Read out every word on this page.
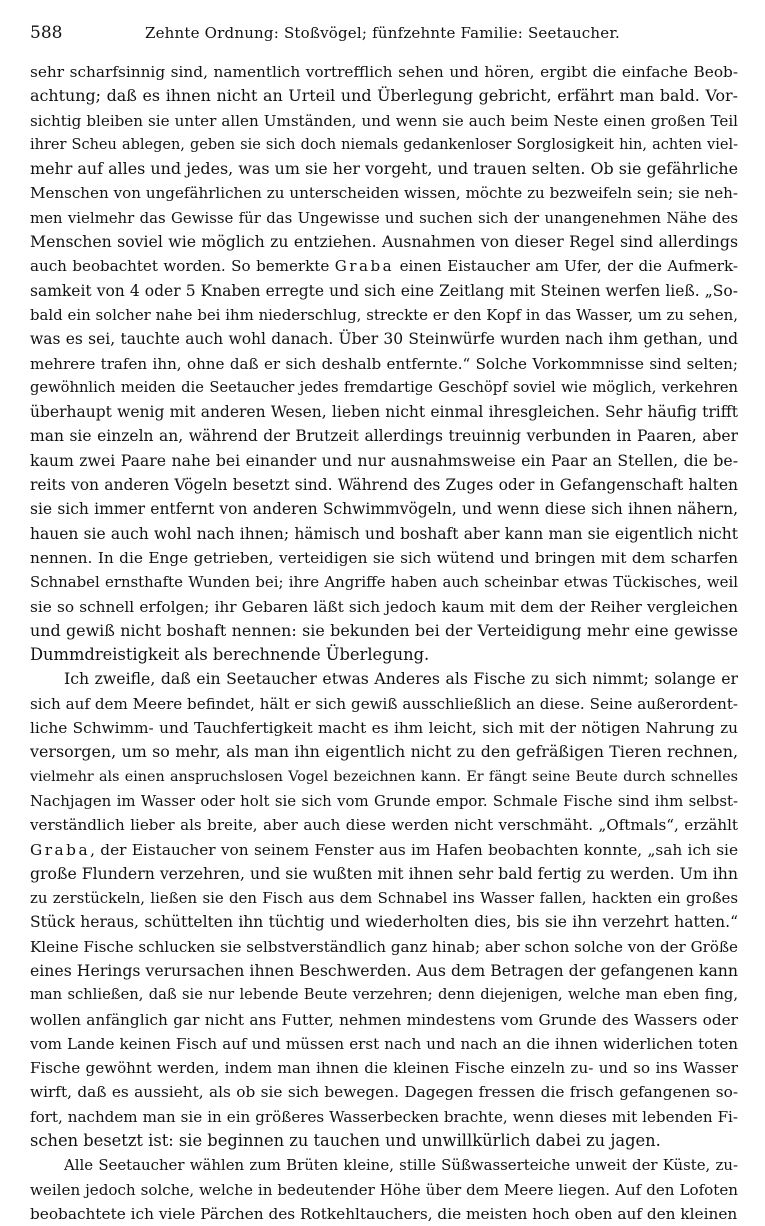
588	Zehnte Ordnung: Stoßvögel; fünfzehnte Familie: Seetaucher.
sehr scharfsinnig sind, namentlich vortrefflich sehen und hören, ergibt die einfache Beob-
achtung; daß es ihnen nicht an Urteil und Überlegung gebricht, erfährt man bald. Vor-
sichtig bleiben sie unter allen Umständen, und wenn sie auch beim Neste einen großen Teil
ihrer Scheu ablegen, geben sie sich doch niemals gedankenloser Sorglosigkeit hin, achten viel-
mehr auf alles und jedes, was um sie her vorgeht, und trauen selten. Ob sie gefährliche
Menschen von ungefährlichen zu unterscheiden wissen, möchte zu bezweifeln sein; sie neh-
men vielmehr das Gewisse für das Ungewisse und suchen sich der unangenehmen Nähe des
Menschen soviel wie möglich zu entziehen. Ausnahmen von dieser Regel sind allerdings
auch beobachtet worden. So bemerkte Graba einen Eistaucher am Ufer, der die Aufmerk-
samkeit von 4 oder 5 Knaben erregte und sich eine Zeitlang mit Steinen werfen ließ. „So-
bald ein solcher nahe bei ihm niederschlug, streckte er den Kopf in das Wasser, um zu sehen,
was es sei, tauchte auch wohl danach. Über 30 Steinwürfe wurden nach ihm gethan, und
mehrere trafen ihn, ohne daß er sich deshalb entfernte.“ Solche Vorkommnisse sind selten;
gewöhnlich meiden die Seetaucher jedes fremdartige Geschöpf soviel wie möglich, verkehren
überhaupt wenig mit anderen Wesen, lieben nicht einmal ihresgleichen. Sehr häufig trifft
man sie einzeln an, während der Brutzeit allerdings treuinnig verbunden in Paaren, aber
kaum zwei Paare nahe bei einander und nur ausnahmsweise ein Paar an Stellen, die be-
reits von anderen Vögeln besetzt sind. Während des Zuges oder in Gefangenschaft halten
sie sich immer entfernt von anderen Schwimmvögeln, und wenn diese sich ihnen nähern,
hauen sie auch wohl nach ihnen; hämisch und boshaft aber kann man sie eigentlich nicht
nennen. In die Enge getrieben, verteidigen sie sich wütend und bringen mit dem scharfen
Schnabel ernsthafte Wunden bei; ihre Angriffe haben auch scheinbar etwas Tückisches, weil
sie so schnell erfolgen; ihr Gebaren läßt sich jedoch kaum mit dem der Reiher vergleichen
und gewiß nicht boshaft nennen: sie bekunden bei der Verteidigung mehr eine gewisse
Dummdreistigkeit als berechnende Überlegung.
Ich zweifle, daß ein Seetaucher etwas Anderes als Fische zu sich nimmt; solange er
sich auf dem Meere befindet, hält er sich gewiß ausschließlich an diese. Seine außerordent-
liche Schwimm- und Tauchfertigkeit macht es ihm leicht, sich mit der nötigen Nahrung zu
versorgen, um so mehr, als man ihn eigentlich nicht zu den gefräßigen Tieren rechnen,
vielmehr als einen anspruchslosen Vogel bezeichnen kann. Er fängt seine Beute durch schnelles
Nachjagen im Wasser oder holt sie sich vom Grunde empor. Schmale Fische sind ihm selbst-
verständlich lieber als breite, aber auch diese werden nicht verschmäht. „Oftmals“, erzählt
Graba, der Eistaucher von seinem Fenster aus im Hafen beobachten konnte, „sah ich sie
große Flundern verzehren, und sie wußten mit ihnen sehr bald fertig zu werden. Um ihn
zu zerstückeln, ließen sie den Fisch aus dem Schnabel ins Wasser fallen, hackten ein großes
Stück heraus, schüttelten ihn tüchtig und wiederholten dies, bis sie ihn verzehrt hatten.“
Kleine Fische schlucken sie selbstverständlich ganz hinab; aber schon solche von der Größe
eines Herings verursachen ihnen Beschwerden. Aus dem Betragen der gefangenen kann
man schließen, daß sie nur lebende Beute verzehren; denn diejenigen, welche man eben fing,
wollen anfänglich gar nicht ans Futter, nehmen mindestens vom Grunde des Wassers oder
vom Lande keinen Fisch auf und müssen erst nach und nach an die ihnen widerlichen toten
Fische gewöhnt werden, indem man ihnen die kleinen Fische einzeln zu- und so ins Wasser
wirft, daß es aussieht, als ob sie sich bewegen. Dagegen fressen die frisch gefangenen so-
fort, nachdem man sie in ein größeres Wasserbecken brachte, wenn dieses mit lebenden Fi-
schen besetzt ist: sie beginnen zu tauchen und unwillkürlich dabei zu jagen.
Alle Seetaucher wählen zum Brüten kleine, stille Süßwasserteiche unweit der Küste, zu-
weilen jedoch solche, welche in bedeutender Höhe über dem Meere liegen. Auf den Lofoten
beobachtete ich viele Pärchen des Rotkehltauchers, die meisten hoch oben auf den kleinen
